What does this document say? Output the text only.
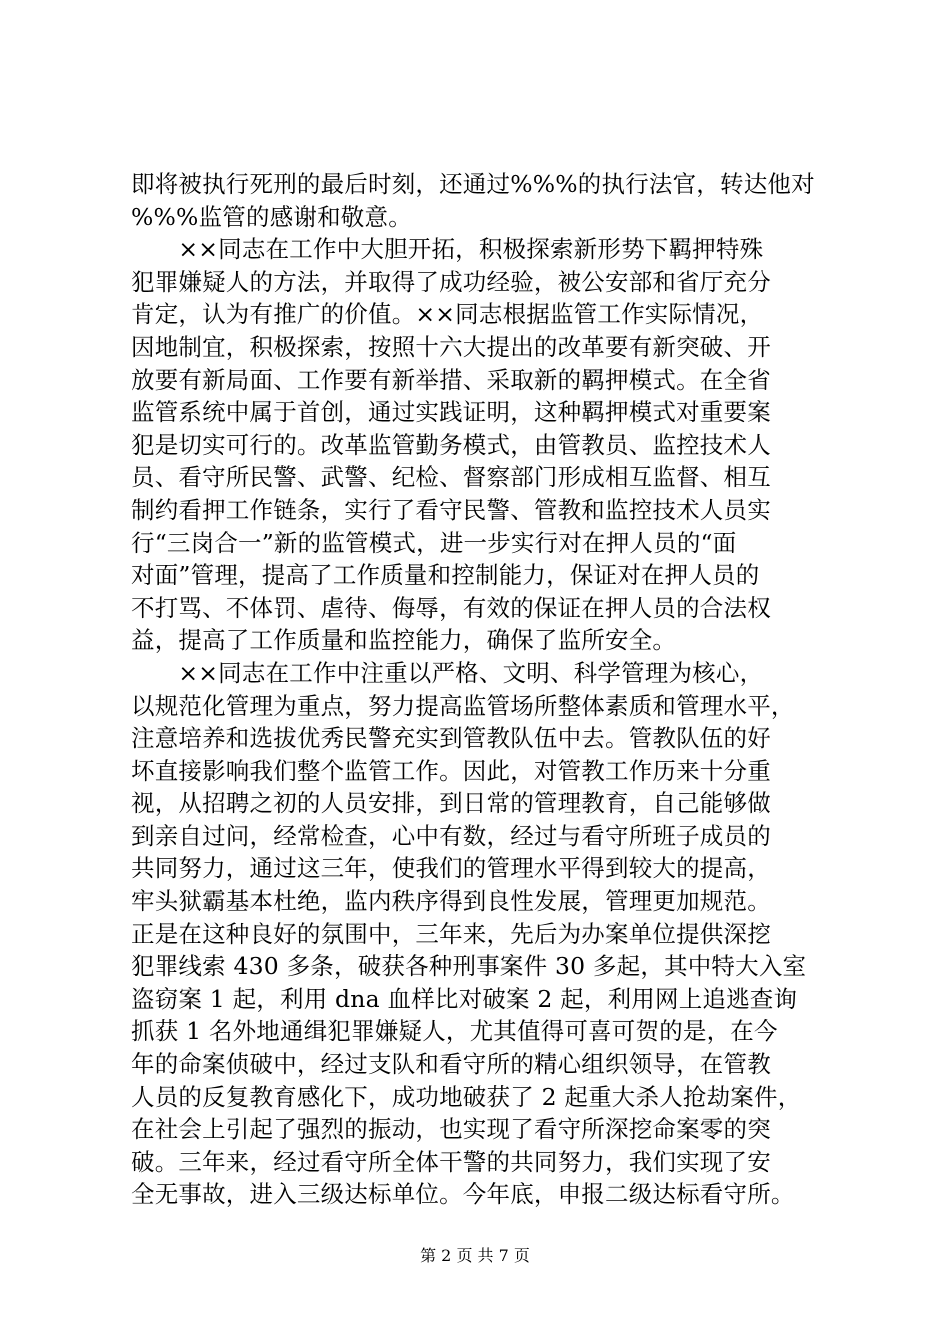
即将被执行死刑的最后时刻，还通过%%%的执行法官，转达他对
%%%监管的感谢和敬意。
　　××同志在工作中大胆开拓，积极探索新形势下羁押特殊
犯罪嫌疑人的方法，并取得了成功经验，被公安部和省厅充分
肯定，认为有推广的价值。××同志根据监管工作实际情况，
因地制宜，积极探索，按照十六大提出的改革要有新突破、开
放要有新局面、工作要有新举措、采取新的羁押模式。在全省
监管系统中属于首创，通过实践证明，这种羁押模式对重要案
犯是切实可行的。改革监管勤务模式，由管教员、监控技术人
员、看守所民警、武警、纪检、督察部门形成相互监督、相互
制约看押工作链条，实行了看守民警、管教和监控技术人员实
行“三岗合一”新的监管模式，进一步实行对在押人员的“面
对面”管理，提高了工作质量和控制能力，保证对在押人员的
不打骂、不体罚、虐待、侮辱，有效的保证在押人员的合法权
益，提高了工作质量和监控能力，确保了监所安全。
　　××同志在工作中注重以严格、文明、科学管理为核心，
以规范化管理为重点，努力提高监管场所整体素质和管理水平，
注意培养和选拔优秀民警充实到管教队伍中去。管教队伍的好
坏直接影响我们整个监管工作。因此，对管教工作历来十分重
视，从招聘之初的人员安排，到日常的管理教育，自己能够做
到亲自过问，经常检查，心中有数，经过与看守所班子成员的
共同努力，通过这三年，使我们的管理水平得到较大的提高，
牢头狱霸基本杜绝，监内秩序得到良性发展，管理更加规范。
正是在这种良好的氛围中，三年来，先后为办案单位提供深挖
犯罪线索 430 多条，破获各种刑事案件 30 多起，其中特大入室
盗窃案 1 起，利用 dna 血样比对破案 2 起，利用网上追逃查询
抓获 1 名外地通缉犯罪嫌疑人，尤其值得可喜可贺的是，在今
年的命案侦破中，经过支队和看守所的精心组织领导，在管教
人员的反复教育感化下，成功地破获了 2 起重大杀人抢劫案件，
在社会上引起了强烈的振动，也实现了看守所深挖命案零的突
破。三年来，经过看守所全体干警的共同努力，我们实现了安
全无事故，进入三级达标单位。今年底，申报二级达标看守所。
第 2 页 共 7 页
